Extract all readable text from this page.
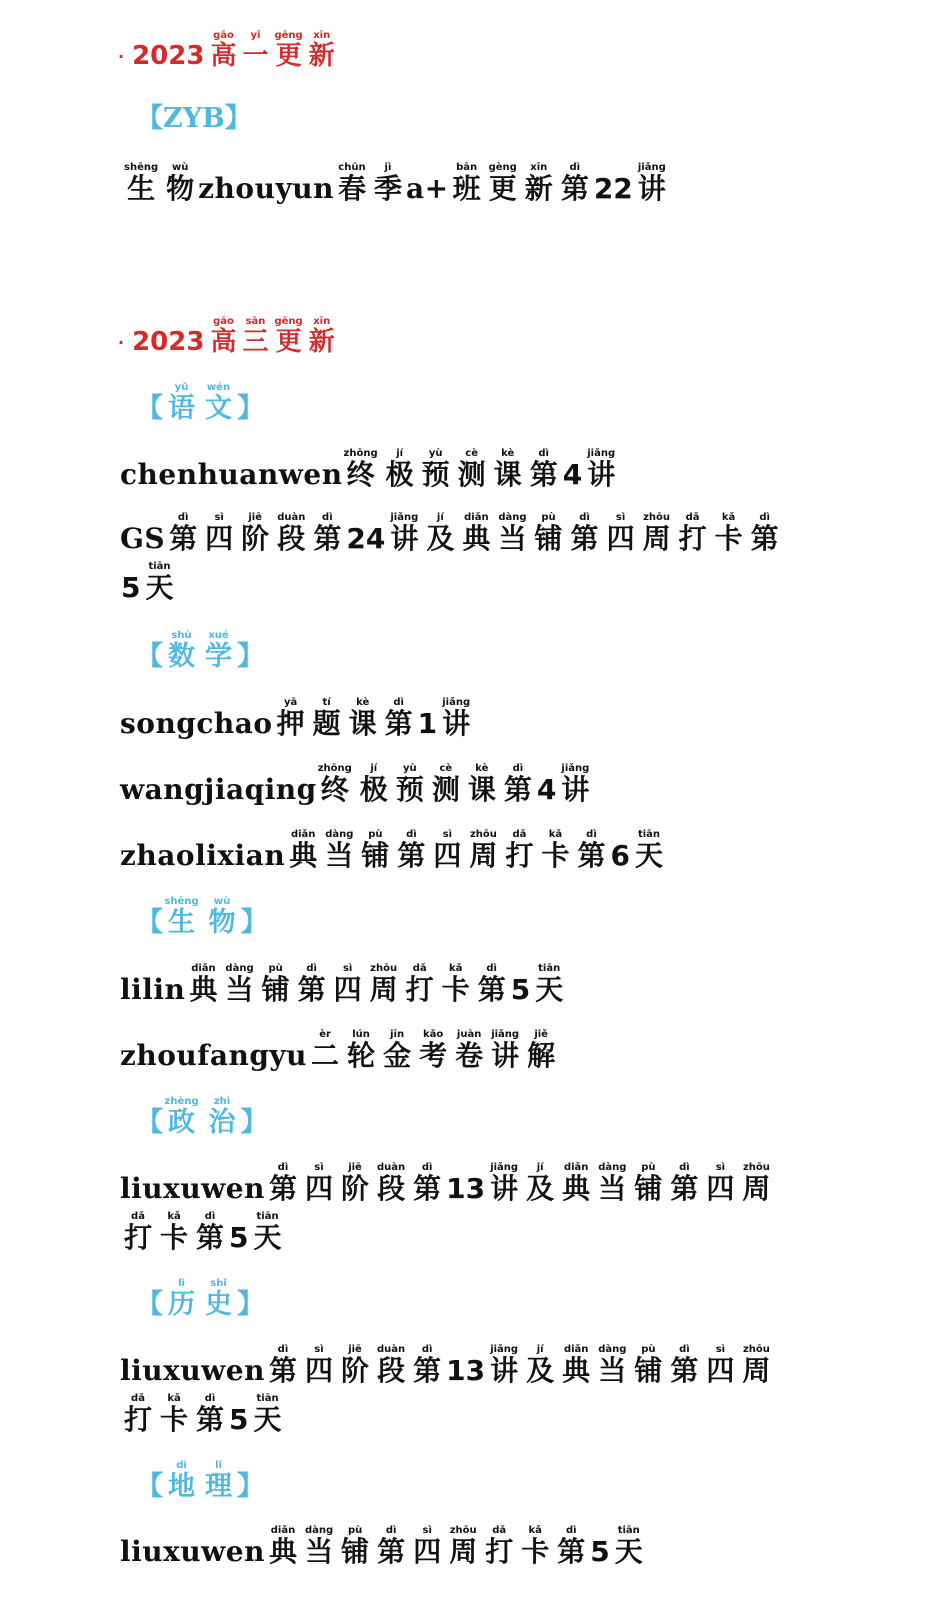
· 2023 高gāo一yī更gēng新xīn
【ZYB】
生shēng物wùzhouyun 春chūn季jìa+ 班bān更gèng新xīn第dì22 讲jiǎng
· 2023 高gāo三sān更gēng新xīn
【 语yǔ文wén】
chenhuanwen终zhōng极jí预yù测cè课kè第dì4 讲jiǎng
GS 第dì四sì阶jiē段duàn第dì24 讲jiǎng及jí典diǎn当dàng铺pù第dì四sì周zhōu打dǎ卡kǎ第dì
5 天tiān
【 数shù学xué】
songchao 押yā题tí课kè第dì1 讲jiǎng
wangjiaqing终zhōng极jí预yù测cè课kè第dì4 讲jiǎng
zhaolixian 典diǎn当dàng铺pù第dì四sì周zhōu打dǎ卡kǎ第dì6 天tiān
【生shēng物wù】
lilin 典diǎn当dàng铺pù第dì四sì周zhōu打dǎ卡kǎ第dì5 天tiān
zhoufangyu 二èr轮lún金jīn考kǎo卷juàn讲jiǎng解jiě
【政zhèng治zhì】
liuxuwen 第dì四sì阶jiē段duàn第dì13 讲jiǎng及jí典diǎn当dàng铺pù第dì四sì周zhōu
打dǎ卡kǎ第dì5 天tiān
【 历lì史shǐ】
liuxuwen 第dì四sì阶jiē段duàn第dì13 讲jiǎng及jí典diǎn当dàng铺pù第dì四sì周zhōu
打dǎ卡kǎ第dì5 天tiān
【 地dì理lǐ】
liuxuwen 典diǎn当dàng铺pù第dì四sì周zhōu打dǎ卡kǎ第dì5 天tiān
